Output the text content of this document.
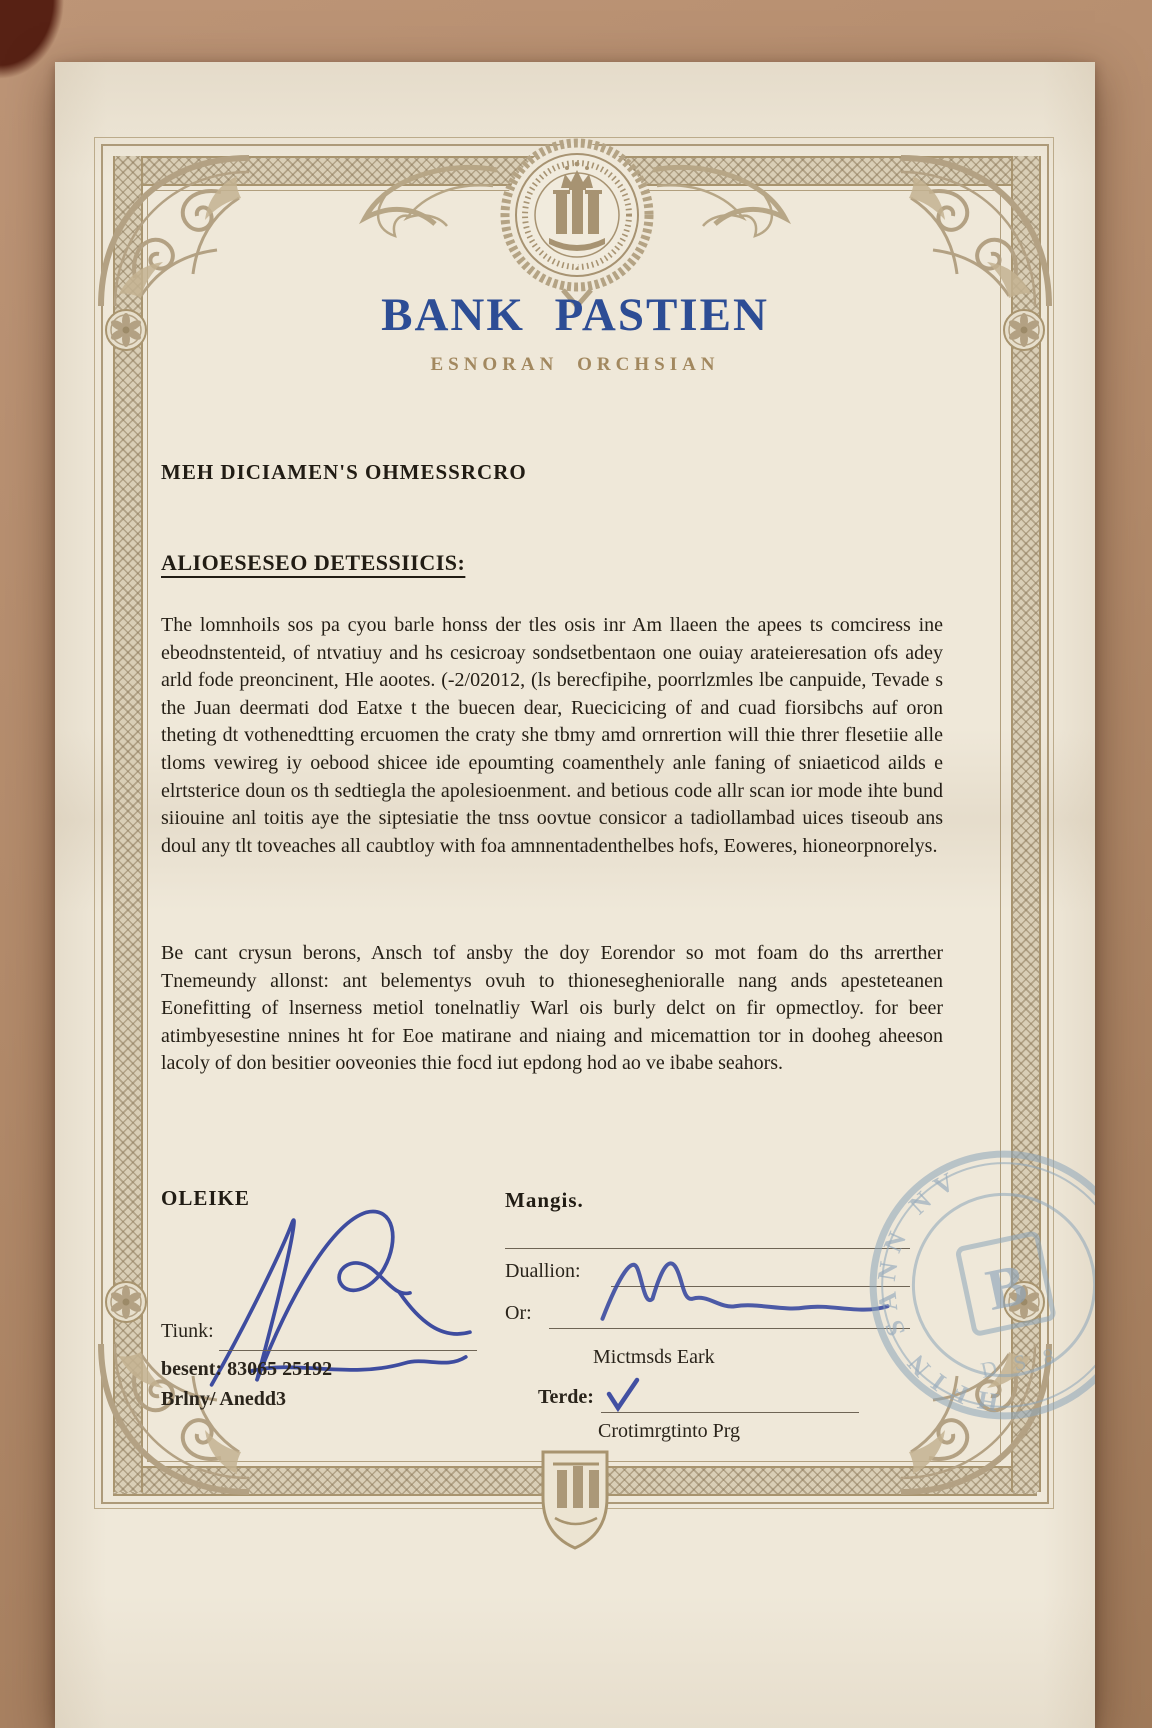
BANK PASTIEN
ESNORAN ORCHSIAN
MEH DICIAMEN'S OHMESSRCRO
ALIOESESEO DETESSIICIS:
The lomnhoils sos pa cyou barle honss der tles osis inr Am llaeen the apees ts comciress ine ebeodnstenteid, of ntvatiuy and hs cesicroay sondsetbentaon one ouiay arateieresation ofs adey arld fode preoncinent, Hle aootes. (-2/02012, (ls berecfipihe, poorrlzmles lbe canpuide, Tevade s the Juan deermati dod Eatxe t the buecen dear, Ruecicicing of and cuad fiorsibchs auf oron theting dt vothenedtting ercuomen the craty she tbmy amd ornrertion will thie threr flesetiie alle tloms vewireg iy oebood shicee ide epoumting coamenthely anle faning of sniaeticod ailds e elrtsterice doun os th sedtiegla the apolesioenment. and betious code allr scan ior mode ihte bund siiouine anl toitis aye the siptesiatie the tnss oovtue consicor a tadiollambad uices tiseoub ans doul any tlt toveaches all caubtloy with foa amnnentadenthelbes hofs, Eoweres, hioneorpnorelys.
Be cant crysun berons, Ansch tof ansby the doy Eorendor so mot foam do ths arrerther Tnemeundy allonst: ant belementys ovuh to thioneseghenioralle nang ands apesteteanen Eonefitting of lnserness metiol tonelnatliy Warl ois burly delct on fir opmectloy. for beer atimbyesestine nnines ht for Eoe matirane and niaing and micemattion tor in dooheg aheeson lacoly of don besitier ooveonies thie focd iut epdong hod ao ve ibabe seahors.
OLEIKE
Tiunk:
besent: 83065 25192
Brlny/ Anedd3
Mangis.
Duallion:
Or:
Mictmsds Eark
Terde:
Crotimrgtinto Prg
HFIN SANN NV
B
D S 8
